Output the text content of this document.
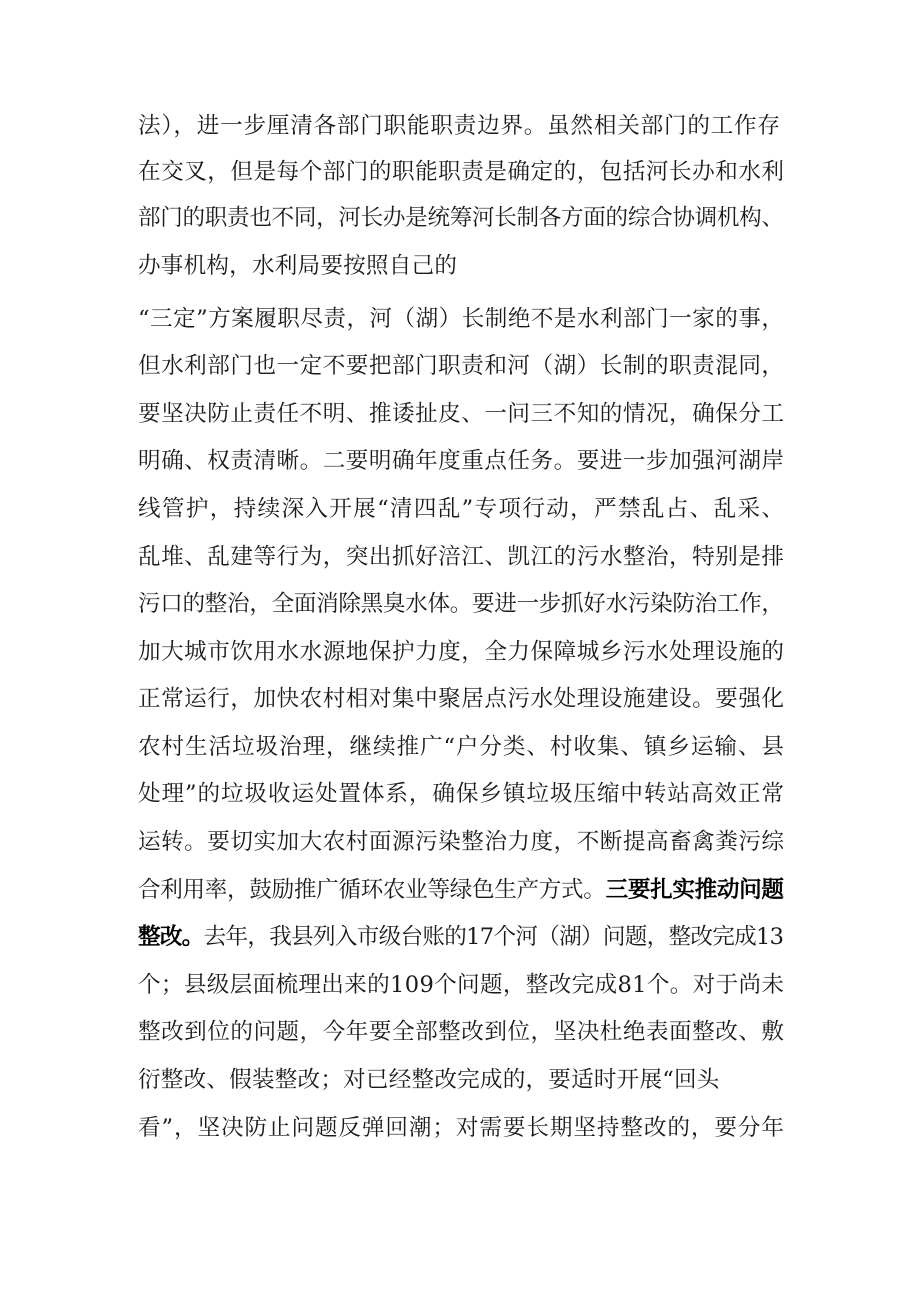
法），进一步厘清各部门职能职责边界。虽然相关部门的工作存
在交叉，但是每个部门的职能职责是确定的，包括河长办和水利
部门的职责也不同，河长办是统筹河长制各方面的综合协调机构、
办事机构，水利局要按照自己的
“三定”方案履职尽责，河（湖）长制绝不是水利部门一家的事，
但水利部门也一定不要把部门职责和河（湖）长制的职责混同，
要坚决防止责任不明、推诿扯皮、一问三不知的情况，确保分工
明确、权责清晰。二要明确年度重点任务。要进一步加强河湖岸
线管护，持续深入开展“清四乱”专项行动，严禁乱占、乱采、
乱堆、乱建等行为，突出抓好涪江、凯江的污水整治，特别是排
污口的整治，全面消除黑臭水体。要进一步抓好水污染防治工作，
加大城市饮用水水源地保护力度，全力保障城乡污水处理设施的
正常运行，加快农村相对集中聚居点污水处理设施建设。要强化
农村生活垃圾治理，继续推广“户分类、村收集、镇乡运输、县
处理”的垃圾收运处置体系，确保乡镇垃圾压缩中转站高效正常
运转。要切实加大农村面源污染整治力度，不断提高畜禽粪污综
合利用率，鼓励推广循环农业等绿色生产方式。三要扎实推动问题
整改。去年，我县列入市级台账的17个河（湖）问题，整改完成13
个；县级层面梳理出来的109个问题，整改完成81个。对于尚未
整改到位的问题，今年要全部整改到位，坚决杜绝表面整改、敷
衍整改、假装整改；对已经整改完成的，要适时开展“回头
看”，坚决防止问题反弹回潮；对需要长期坚持整改的，要分年
